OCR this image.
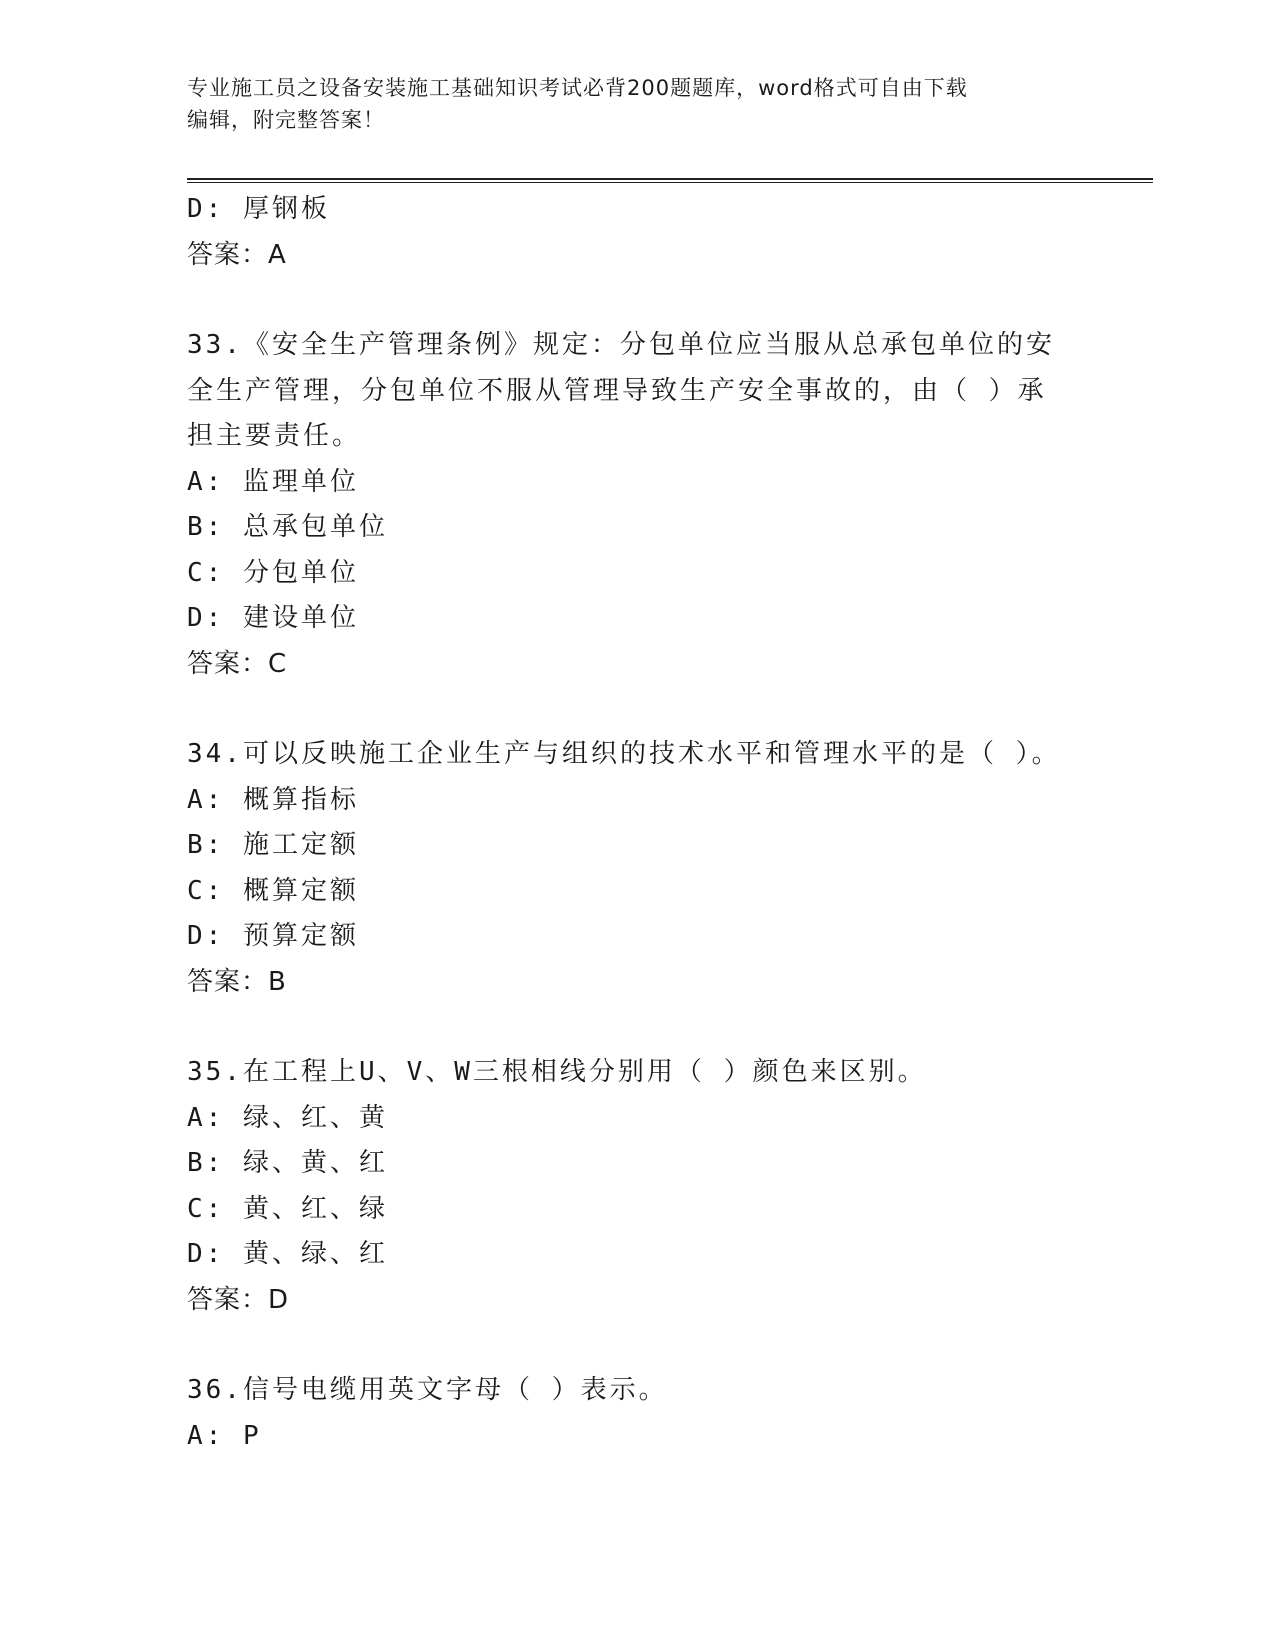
专业施工员之设备安装施工基础知识考试必背200题题库，word格式可自由下载
编辑，附完整答案！
D: 厚钢板
答案：A
33.《安全生产管理条例》规定：分包单位应当服从总承包单位的安全生产管理，分包单位不服从管理导致生产安全事故的，由（ ）承担主要责任。
A: 监理单位
B: 总承包单位
C: 分包单位
D: 建设单位
答案：C
34.可以反映施工企业生产与组织的技术水平和管理水平的是（ ）。
A: 概算指标
B: 施工定额
C: 概算定额
D: 预算定额
答案：B
35.在工程上U、V、W三根相线分别用（ ）颜色来区别。
A: 绿、红、黄
B: 绿、黄、红
C: 黄、红、绿
D: 黄、绿、红
答案：D
36.信号电缆用英文字母（ ）表示。
A: P
